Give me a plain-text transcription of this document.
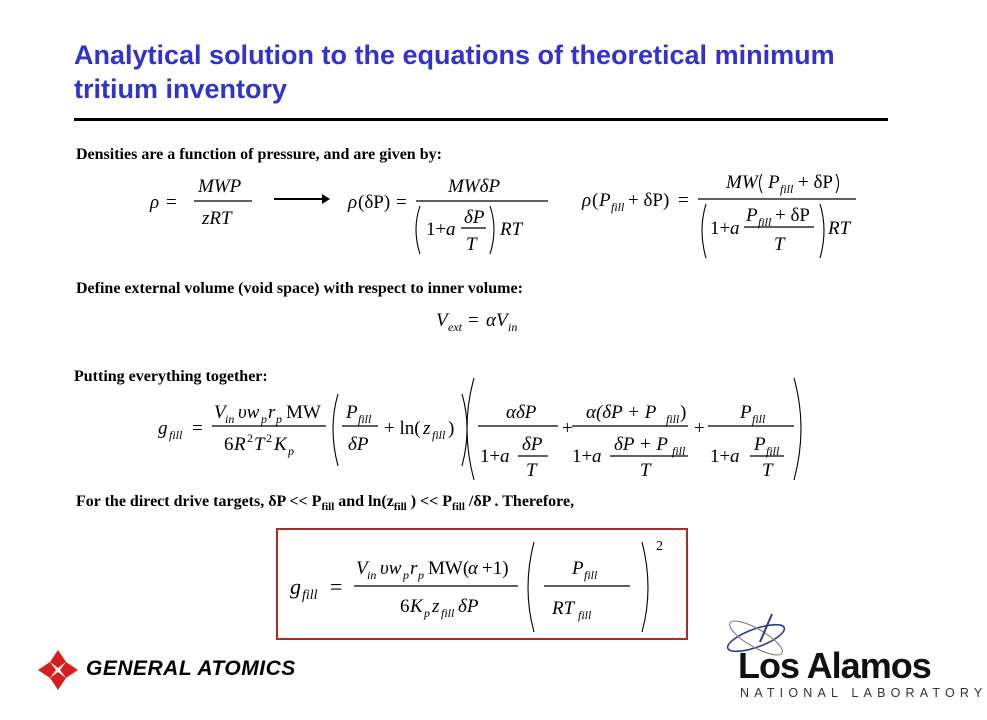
Analytical solution to the equations of theoretical minimum tritium inventory
Densities are a function of pressure, and are given by:
ρ =
MWP
zRT
ρ (δP) =
MWδP
1+ a
δP
T
RT
ρ ( P fill + δP) =
MW P fill + δP
1+ a
P fill + δP
T
RT
Define external volume (void space) with respect to inner volume:
V ext = αV in
Putting everything together:
g fill =
V in υw p r p MW
6 R 2 T 2 K p
P fill
δP
+ ln( z fill )
αδP
1+ a
δP
T
+
α(δP + P fill )
1+ a
δP + P fill
T
+
P fill
1+ a
P fill
T
For the direct drive targets, $\delta P << P_{fill}$ and $\ln(z_{fill}$ ) << $P_{fill}$ /δP . Therefore,
g fill =
V in υw p r p MW(
α +1)
6 K p z fill δP
P fill
RT fill
2
GENERAL ATOMICS	Los Alamos
NATIONAL LABORATORY
